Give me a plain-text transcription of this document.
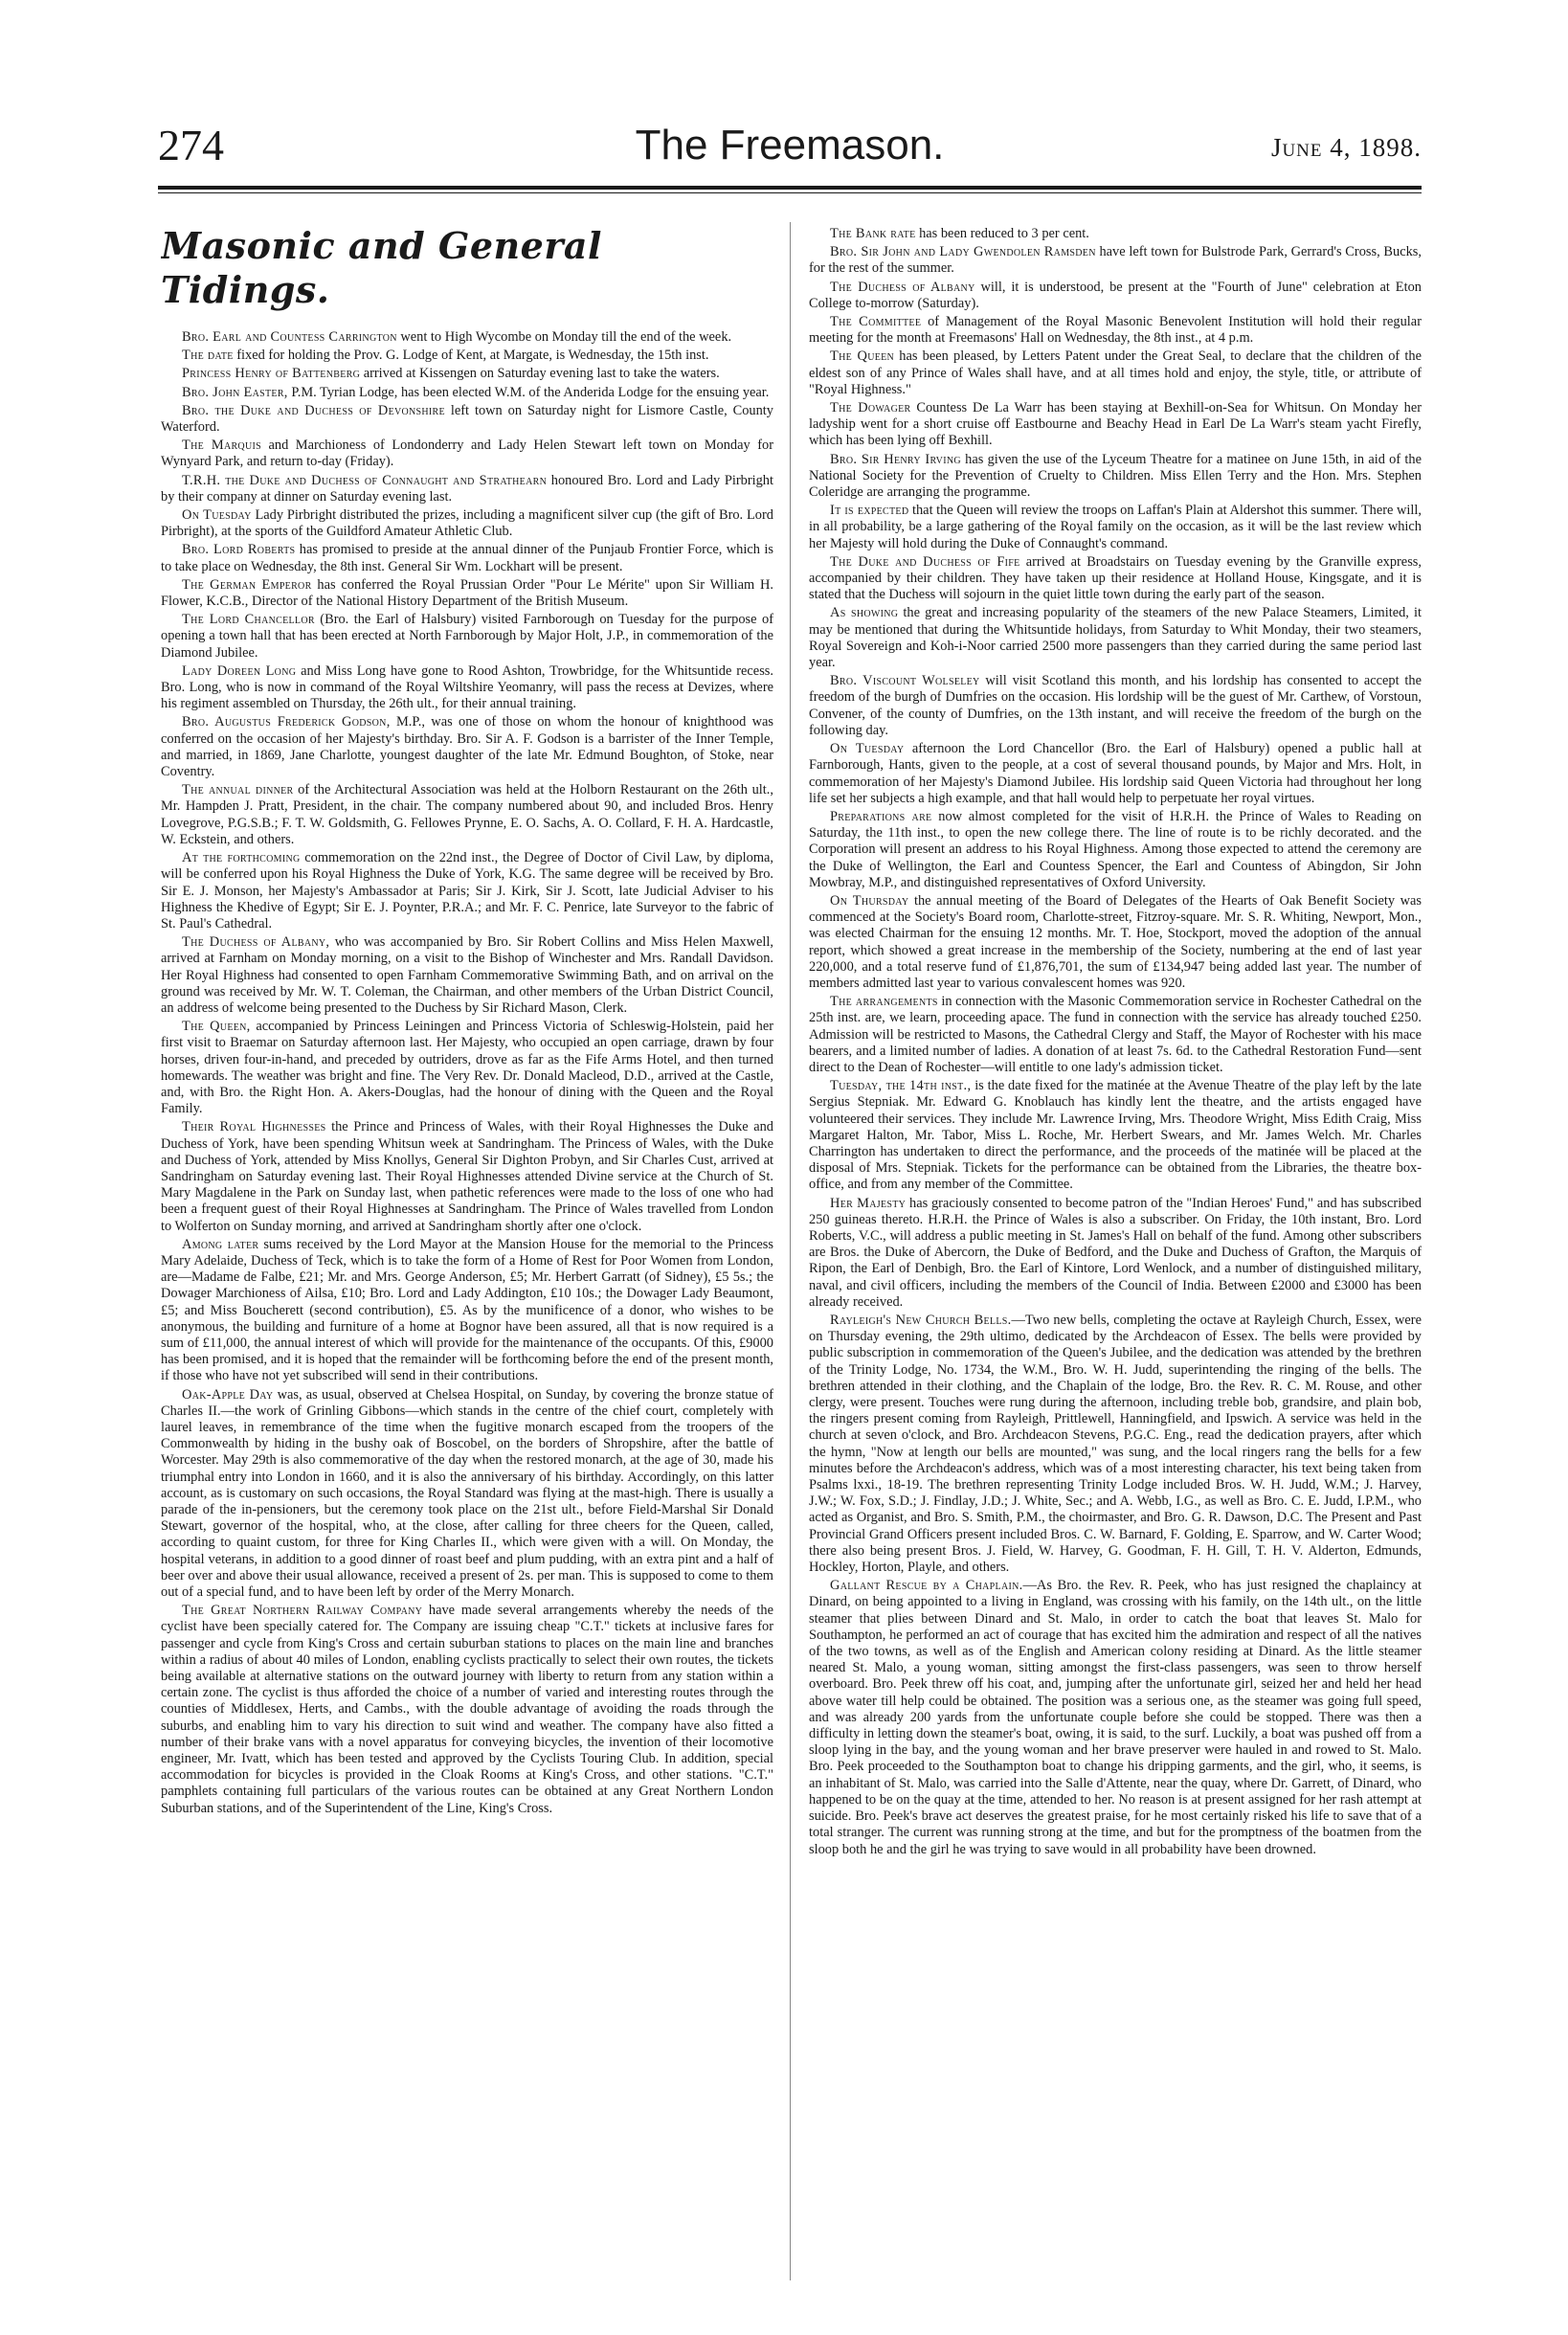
274	The Freemason.	June 4, 1898.
Masonic and General Tidings.

Bro. Earl and Countess Carrington went to High Wycombe on Monday till the end of the week.

The date fixed for holding the Prov. G. Lodge of Kent, at Margate, is Wednesday, the 15th inst.

Princess Henry of Battenberg arrived at Kissengen on Saturday evening last to take the waters.

Bro. John Easter, P.M. Tyrian Lodge, has been elected W.M. of the Anderida Lodge for the ensuing year.

Bro. the Duke and Duchess of Devonshire left town on Saturday night for Lismore Castle, County Waterford.

The Marquis and Marchioness of Londonderry and Lady Helen Stewart left town on Monday for Wynyard Park, and return to-day (Friday).

T.R.H. the Duke and Duchess of Connaught and Strathearn honoured Bro. Lord and Lady Pirbright by their company at dinner on Saturday evening last.

On Tuesday Lady Pirbright distributed the prizes, including a magnificent silver cup (the gift of Bro. Lord Pirbright), at the sports of the Guildford Amateur Athletic Club.

Bro. Lord Roberts has promised to preside at the annual dinner of the Punjaub Frontier Force, which is to take place on Wednesday, the 8th inst. General Sir Wm. Lockhart will be present.

The German Emperor has conferred the Royal Prussian Order "Pour Le Mérite" upon Sir William H. Flower, K.C.B., Director of the National History Department of the British Museum.

The Lord Chancellor (Bro. the Earl of Halsbury) visited Farnborough on Tuesday for the purpose of opening a town hall that has been erected at North Farnborough by Major Holt, J.P., in commemoration of the Diamond Jubilee.

Lady Doreen Long and Miss Long have gone to Rood Ashton, Trowbridge, for the Whitsuntide recess. Bro. Long, who is now in command of the Royal Wiltshire Yeomanry, will pass the recess at Devizes, where his regiment assembled on Thursday, the 26th ult., for their annual training.

Bro. Augustus Frederick Godson, M.P., was one of those on whom the honour of knighthood was conferred on the occasion of her Majesty's birthday. Bro. Sir A. F. Godson is a barrister of the Inner Temple, and married, in 1869, Jane Charlotte, youngest daughter of the late Mr. Edmund Boughton, of Stoke, near Coventry.

The annual dinner of the Architectural Association was held at the Holborn Restaurant on the 26th ult., Mr. Hampden J. Pratt, President, in the chair. The company numbered about 90, and included Bros. Henry Lovegrove, P.G.S.B.; F. T. W. Goldsmith, G. Fellowes Prynne, E. O. Sachs, A. O. Collard, F. H. A. Hardcastle, W. Eckstein, and others.

At the forthcoming commemoration on the 22nd inst., the Degree of Doctor of Civil Law, by diploma, will be conferred upon his Royal Highness the Duke of York, K.G. The same degree will be received by Bro. Sir E. J. Monson, her Majesty's Ambassador at Paris; Sir J. Kirk, Sir J. Scott, late Judicial Adviser to his Highness the Khedive of Egypt; Sir E. J. Poynter, P.R.A.; and Mr. F. C. Penrice, late Surveyor to the fabric of St. Paul's Cathedral.

The Duchess of Albany, who was accompanied by Bro. Sir Robert Collins and Miss Helen Maxwell, arrived at Farnham on Monday morning, on a visit to the Bishop of Winchester and Mrs. Randall Davidson. Her Royal Highness had consented to open Farnham Commemorative Swimming Bath, and on arrival on the ground was received by Mr. W. T. Coleman, the Chairman, and other members of the Urban District Council, an address of welcome being presented to the Duchess by Sir Richard Mason, Clerk.

The Queen, accompanied by Princess Leiningen and Princess Victoria of Schleswig-Holstein, paid her first visit to Braemar on Saturday afternoon last. Her Majesty, who occupied an open carriage, drawn by four horses, driven four-in-hand, and preceded by outriders, drove as far as the Fife Arms Hotel, and then turned homewards. The weather was bright and fine. The Very Rev. Dr. Donald Macleod, D.D., arrived at the Castle, and, with Bro. the Right Hon. A. Akers-Douglas, had the honour of dining with the Queen and the Royal Family.

Their Royal Highnesses the Prince and Princess of Wales, with their Royal Highnesses the Duke and Duchess of York, have been spending Whitsun week at Sandringham. The Princess of Wales, with the Duke and Duchess of York, attended by Miss Knollys, General Sir Dighton Probyn, and Sir Charles Cust, arrived at Sandringham on Saturday evening last. Their Royal Highnesses attended Divine service at the Church of St. Mary Magdalene in the Park on Sunday last, when pathetic references were made to the loss of one who had been a frequent guest of their Royal Highnesses at Sandringham. The Prince of Wales travelled from London to Wolferton on Sunday morning, and arrived at Sandringham shortly after one o'clock.

Among later sums received by the Lord Mayor at the Mansion House for the memorial to the Princess Mary Adelaide, Duchess of Teck, which is to take the form of a Home of Rest for Poor Women from London, are—Madame de Falbe, £21; Mr. and Mrs. George Anderson, £5; Mr. Herbert Garratt (of Sidney), £5 5s.; the Dowager Marchioness of Ailsa, £10; Bro. Lord and Lady Addington, £10 10s.; the Dowager Lady Beaumont, £5; and Miss Boucherett (second contribution), £5. As by the munificence of a donor, who wishes to be anonymous, the building and furniture of a home at Bognor have been assured, all that is now required is a sum of £11,000, the annual interest of which will provide for the maintenance of the occupants. Of this, £9000 has been promised, and it is hoped that the remainder will be forthcoming before the end of the present month, if those who have not yet subscribed will send in their contributions.

Oak-Apple Day was, as usual, observed at Chelsea Hospital, on Sunday, by covering the bronze statue of Charles II.—the work of Grinling Gibbons—which stands in the centre of the chief court, completely with laurel leaves, in remembrance of the time when the fugitive monarch escaped from the troopers of the Commonwealth by hiding in the bushy oak of Boscobel, on the borders of Shropshire, after the battle of Worcester. May 29th is also commemorative of the day when the restored monarch, at the age of 30, made his triumphal entry into London in 1660, and it is also the anniversary of his birthday. Accordingly, on this latter account, as is customary on such occasions, the Royal Standard was flying at the mast-high. There is usually a parade of the in-pensioners, but the ceremony took place on the 21st ult., before Field-Marshal Sir Donald Stewart, governor of the hospital, who, at the close, after calling for three cheers for the Queen, called, according to quaint custom, for three for King Charles II., which were given with a will. On Monday, the hospital veterans, in addition to a good dinner of roast beef and plum pudding, with an extra pint and a half of beer over and above their usual allowance, received a present of 2s. per man. This is supposed to come to them out of a special fund, and to have been left by order of the Merry Monarch.

The Great Northern Railway Company have made several arrangements whereby the needs of the cyclist have been specially catered for. The Company are issuing cheap "C.T." tickets at inclusive fares for passenger and cycle from King's Cross and certain suburban stations to places on the main line and branches within a radius of about 40 miles of London, enabling cyclists practically to select their own routes, the tickets being available at alternative stations on the outward journey with liberty to return from any station within a certain zone. The cyclist is thus afforded the choice of a number of varied and interesting routes through the counties of Middlesex, Herts, and Cambs., with the double advantage of avoiding the roads through the suburbs, and enabling him to vary his direction to suit wind and weather. The company have also fitted a number of their brake vans with a novel apparatus for conveying bicycles, the invention of their locomotive engineer, Mr. Ivatt, which has been tested and approved by the Cyclists Touring Club. In addition, special accommodation for bicycles is provided in the Cloak Rooms at King's Cross, and other stations. "C.T." pamphlets containing full particulars of the various routes can be obtained at any Great Northern London Suburban stations, and of the Superintendent of the Line, King's Cross.

The Bank rate has been reduced to 3 per cent.

Bro. Sir John and Lady Gwendolen Ramsden have left town for Bulstrode Park, Gerrard's Cross, Bucks, for the rest of the summer.

The Duchess of Albany will, it is understood, be present at the "Fourth of June" celebration at Eton College to-morrow (Saturday).

The Committee of Management of the Royal Masonic Benevolent Institution will hold their regular meeting for the month at Freemasons' Hall on Wednesday, the 8th inst., at 4 p.m.

The Queen has been pleased, by Letters Patent under the Great Seal, to declare that the children of the eldest son of any Prince of Wales shall have, and at all times hold and enjoy, the style, title, or attribute of "Royal Highness."

The Dowager Countess De La Warr has been staying at Bexhill-on-Sea for Whitsun. On Monday her ladyship went for a short cruise off Eastbourne and Beachy Head in Earl De La Warr's steam yacht Firefly, which has been lying off Bexhill.

Bro. Sir Henry Irving has given the use of the Lyceum Theatre for a matinee on June 15th, in aid of the National Society for the Prevention of Cruelty to Children. Miss Ellen Terry and the Hon. Mrs. Stephen Coleridge are arranging the programme.

It is expected that the Queen will review the troops on Laffan's Plain at Aldershot this summer. There will, in all probability, be a large gathering of the Royal family on the occasion, as it will be the last review which her Majesty will hold during the Duke of Connaught's command.

The Duke and Duchess of Fife arrived at Broadstairs on Tuesday evening by the Granville express, accompanied by their children. They have taken up their residence at Holland House, Kingsgate, and it is stated that the Duchess will sojourn in the quiet little town during the early part of the season.

As showing the great and increasing popularity of the steamers of the new Palace Steamers, Limited, it may be mentioned that during the Whitsuntide holidays, from Saturday to Whit Monday, their two steamers, Royal Sovereign and Koh-i-Noor carried 2500 more passengers than they carried during the same period last year.

Bro. Viscount Wolseley will visit Scotland this month, and his lordship has consented to accept the freedom of the burgh of Dumfries on the occasion. His lordship will be the guest of Mr. Carthew, of Vorstoun, Convener, of the county of Dumfries, on the 13th instant, and will receive the freedom of the burgh on the following day.

On Tuesday afternoon the Lord Chancellor (Bro. the Earl of Halsbury) opened a public hall at Farnborough, Hants, given to the people, at a cost of several thousand pounds, by Major and Mrs. Holt, in commemoration of her Majesty's Diamond Jubilee. His lordship said Queen Victoria had throughout her long life set her subjects a high example, and that hall would help to perpetuate her royal virtues.

Preparations are now almost completed for the visit of H.R.H. the Prince of Wales to Reading on Saturday, the 11th inst., to open the new college there. The line of route is to be richly decorated. and the Corporation will present an address to his Royal Highness. Among those expected to attend the ceremony are the Duke of Wellington, the Earl and Countess Spencer, the Earl and Countess of Abingdon, Sir John Mowbray, M.P., and distinguished representatives of Oxford University.

On Thursday the annual meeting of the Board of Delegates of the Hearts of Oak Benefit Society was commenced at the Society's Board room, Charlotte-street, Fitzroy-square. Mr. S. R. Whiting, Newport, Mon., was elected Chairman for the ensuing 12 months. Mr. T. Hoe, Stockport, moved the adoption of the annual report, which showed a great increase in the membership of the Society, numbering at the end of last year 220,000, and a total reserve fund of £1,876,701, the sum of £134,947 being added last year. The number of members admitted last year to various convalescent homes was 920.

The arrangements in connection with the Masonic Commemoration service in Rochester Cathedral on the 25th inst. are, we learn, proceeding apace. The fund in connection with the service has already touched £250. Admission will be restricted to Masons, the Cathedral Clergy and Staff, the Mayor of Rochester with his mace bearers, and a limited number of ladies. A donation of at least 7s. 6d. to the Cathedral Restoration Fund—sent direct to the Dean of Rochester—will entitle to one lady's admission ticket.

Tuesday, the 14th inst., is the date fixed for the matinée at the Avenue Theatre of the play left by the late Sergius Stepniak. Mr. Edward G. Knoblauch has kindly lent the theatre, and the artists engaged have volunteered their services. They include Mr. Lawrence Irving, Mrs. Theodore Wright, Miss Edith Craig, Miss Margaret Halton, Mr. Tabor, Miss L. Roche, Mr. Herbert Swears, and Mr. James Welch. Mr. Charles Charrington has undertaken to direct the performance, and the proceeds of the matinée will be placed at the disposal of Mrs. Stepniak. Tickets for the performance can be obtained from the Libraries, the theatre box-office, and from any member of the Committee.

Her Majesty has graciously consented to become patron of the "Indian Heroes' Fund," and has subscribed 250 guineas thereto. H.R.H. the Prince of Wales is also a subscriber. On Friday, the 10th instant, Bro. Lord Roberts, V.C., will address a public meeting in St. James's Hall on behalf of the fund. Among other subscribers are Bros. the Duke of Abercorn, the Duke of Bedford, and the Duke and Duchess of Grafton, the Marquis of Ripon, the Earl of Denbigh, Bro. the Earl of Kintore, Lord Wenlock, and a number of distinguished military, naval, and civil officers, including the members of the Council of India. Between £2000 and £3000 has been already received.

Rayleigh's New Church Bells.—Two new bells, completing the octave at Rayleigh Church, Essex, were on Thursday evening, the 29th ultimo, dedicated by the Archdeacon of Essex. The bells were provided by public subscription in commemoration of the Queen's Jubilee, and the dedication was attended by the brethren of the Trinity Lodge, No. 1734, the W.M., Bro. W. H. Judd, superintending the ringing of the bells. The brethren attended in their clothing, and the Chaplain of the lodge, Bro. the Rev. R. C. M. Rouse, and other clergy, were present. Touches were rung during the afternoon, including treble bob, grandsire, and plain bob, the ringers present coming from Rayleigh, Prittlewell, Hanningfield, and Ipswich. A service was held in the church at seven o'clock, and Bro. Archdeacon Stevens, P.G.C. Eng., read the dedication prayers, after which the hymn, "Now at length our bells are mounted," was sung, and the local ringers rang the bells for a few minutes before the Archdeacon's address, which was of a most interesting character, his text being taken from Psalms lxxi., 18-19. The brethren representing Trinity Lodge included Bros. W. H. Judd, W.M.; J. Harvey, J.W.; W. Fox, S.D.; J. Findlay, J.D.; J. White, Sec.; and A. Webb, I.G., as well as Bro. C. E. Judd, I.P.M., who acted as Organist, and Bro. S. Smith, P.M., the choirmaster, and Bro. G. R. Dawson, D.C. The Present and Past Provincial Grand Officers present included Bros. C. W. Barnard, F. Golding, E. Sparrow, and W. Carter Wood; there also being present Bros. J. Field, W. Harvey, G. Goodman, F. H. Gill, T. H. V. Alderton, Edmunds, Hockley, Horton, Playle, and others.

Gallant Rescue by a Chaplain.—As Bro. the Rev. R. Peek, who has just resigned the chaplaincy at Dinard, on being appointed to a living in England, was crossing with his family, on the 14th ult., on the little steamer that plies between Dinard and St. Malo, in order to catch the boat that leaves St. Malo for Southampton, he performed an act of courage that has excited him the admiration and respect of all the natives of the two towns, as well as of the English and American colony residing at Dinard. As the little steamer neared St. Malo, a young woman, sitting amongst the first-class passengers, was seen to throw herself overboard. Bro. Peek threw off his coat, and, jumping after the unfortunate girl, seized her and held her head above water till help could be obtained. The position was a serious one, as the steamer was going full speed, and was already 200 yards from the unfortunate couple before she could be stopped. There was then a difficulty in letting down the steamer's boat, owing, it is said, to the surf. Luckily, a boat was pushed off from a sloop lying in the bay, and the young woman and her brave preserver were hauled in and rowed to St. Malo. Bro. Peek proceeded to the Southampton boat to change his dripping garments, and the girl, who, it seems, is an inhabitant of St. Malo, was carried into the Salle d'Attente, near the quay, where Dr. Garrett, of Dinard, who happened to be on the quay at the time, attended to her. No reason is at present assigned for her rash attempt at suicide. Bro. Peek's brave act deserves the greatest praise, for he most certainly risked his life to save that of a total stranger. The current was running strong at the time, and but for the promptness of the boatmen from the sloop both he and the girl he was trying to save would in all probability have been drowned.
